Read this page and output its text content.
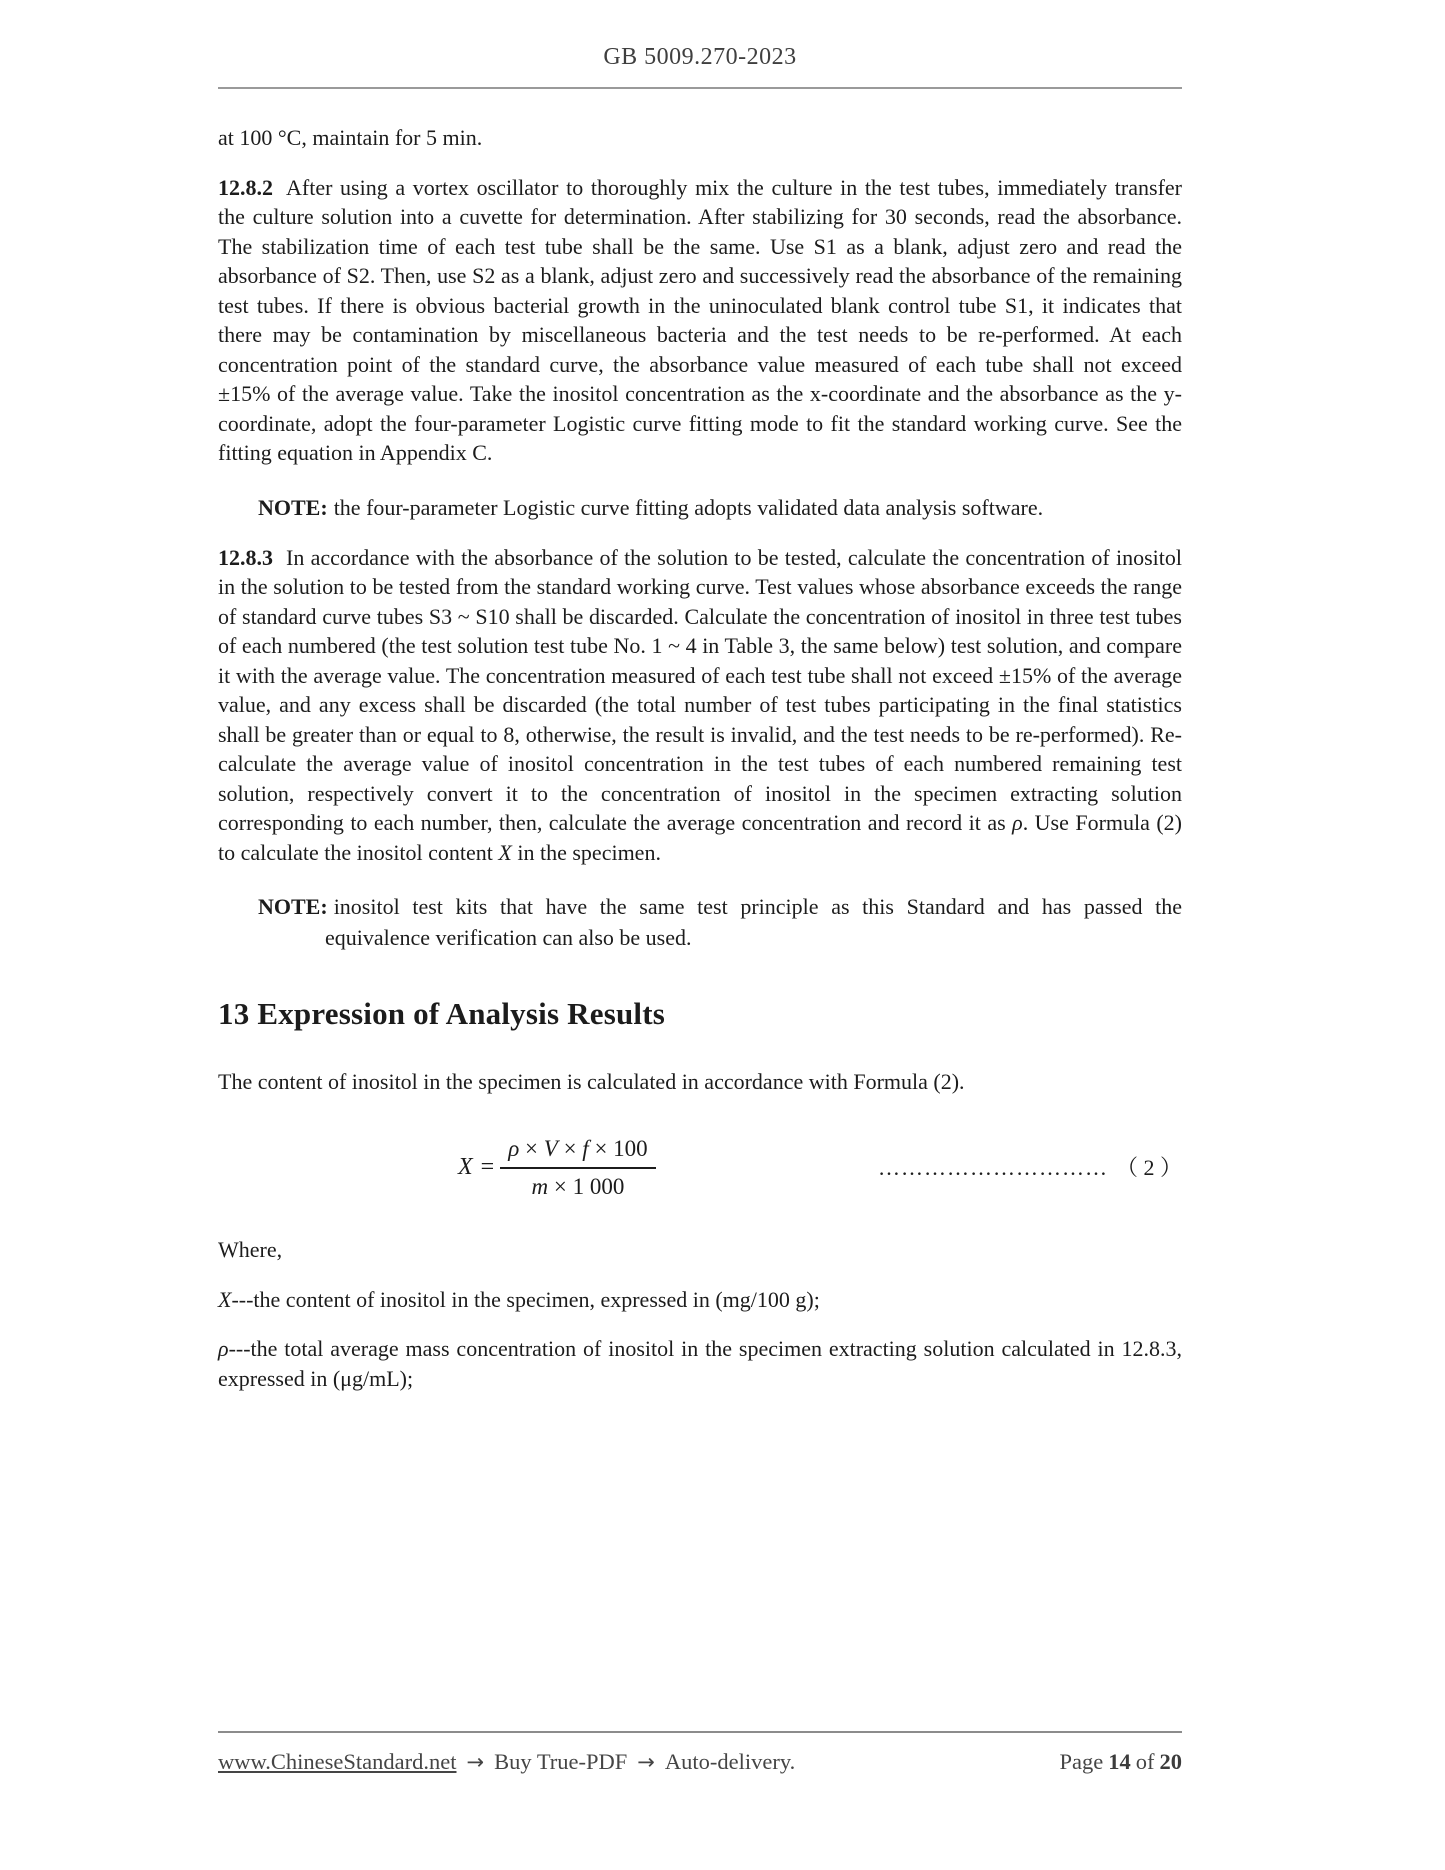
GB 5009.270-2023

at 100 °C, maintain for 5 min.

12.8.2 After using a vortex oscillator to thoroughly mix the culture in the test tubes, immediately transfer the culture solution into a cuvette for determination. After stabilizing for 30 seconds, read the absorbance. The stabilization time of each test tube shall be the same. Use S1 as a blank, adjust zero and read the absorbance of S2. Then, use S2 as a blank, adjust zero and successively read the absorbance of the remaining test tubes. If there is obvious bacterial growth in the uninoculated blank control tube S1, it indicates that there may be contamination by miscellaneous bacteria and the test needs to be re-performed. At each concentration point of the standard curve, the absorbance value measured of each tube shall not exceed ±15% of the average value. Take the inositol concentration as the x-coordinate and the absorbance as the y-coordinate, adopt the four-parameter Logistic curve fitting mode to fit the standard working curve. See the fitting equation in Appendix C.

NOTE: the four-parameter Logistic curve fitting adopts validated data analysis software.

12.8.3 In accordance with the absorbance of the solution to be tested, calculate the concentration of inositol in the solution to be tested from the standard working curve. Test values whose absorbance exceeds the range of standard curve tubes S3 ~ S10 shall be discarded. Calculate the concentration of inositol in three test tubes of each numbered (the test solution test tube No. 1 ~ 4 in Table 3, the same below) test solution, and compare it with the average value. The concentration measured of each test tube shall not exceed ±15% of the average value, and any excess shall be discarded (the total number of test tubes participating in the final statistics shall be greater than or equal to 8, otherwise, the result is invalid, and the test needs to be re-performed). Re-calculate the average value of inositol concentration in the test tubes of each numbered remaining test solution, respectively convert it to the concentration of inositol in the specimen extracting solution corresponding to each number, then, calculate the average concentration and record it as ρ. Use Formula (2) to calculate the inositol content X in the specimen.

NOTE: inositol test kits that have the same test principle as this Standard and has passed the equivalence verification can also be used.

13 Expression of Analysis Results

The content of inositol in the specimen is calculated in accordance with Formula (2).

$X = \frac{\rho \times V \times f \times 100}{m \times 1 000}$	………………………… （ 2 ）

Where,

X---the content of inositol in the specimen, expressed in (mg/100 g);

ρ---the total average mass concentration of inositol in the specimen extracting solution calculated in 12.8.3, expressed in (μg/mL);

www.ChineseStandard.net → Buy True-PDF → Auto-delivery.	Page 14 of 20
